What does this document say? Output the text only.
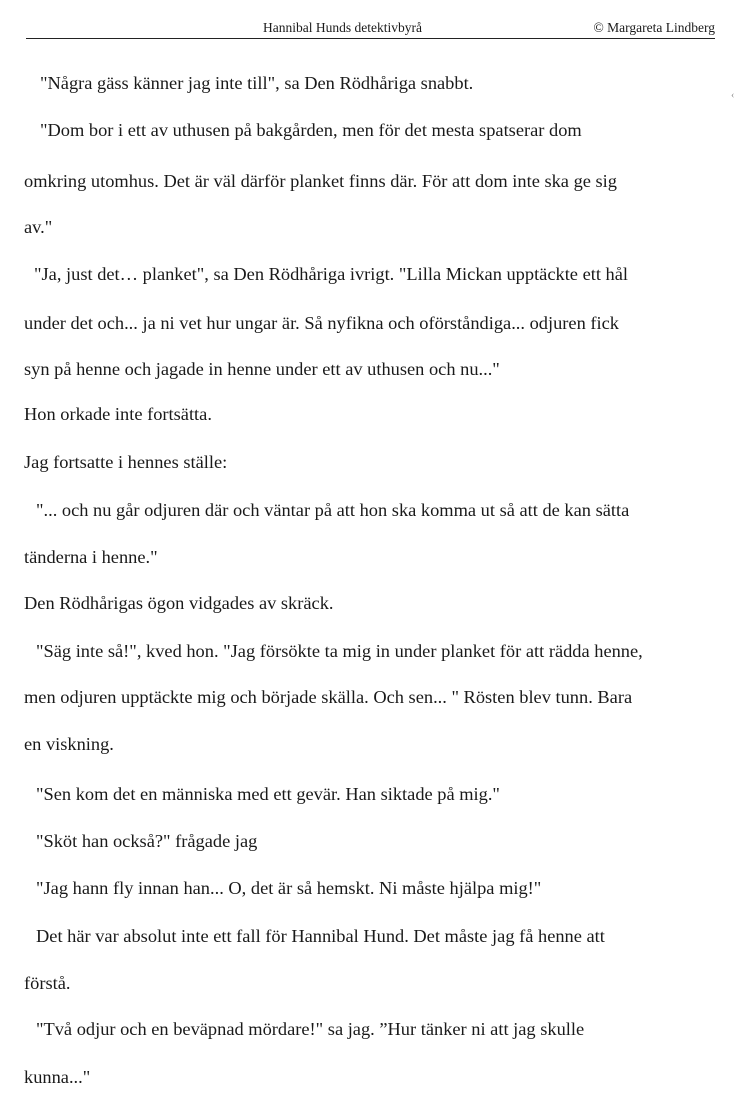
Hannibal Hunds detektivbyrå	© Margareta Lindberg
‹
"Några gäss känner jag inte till", sa Den Rödhåriga snabbt.
"Dom bor i ett av uthusen på bakgården, men för det mesta spatserar dom
omkring utomhus. Det är väl därför planket finns där. För att dom inte ska ge sig
av."
"Ja, just det… planket", sa Den Rödhåriga ivrigt. "Lilla Mickan upptäckte ett hål
under det och... ja ni vet hur ungar är. Så nyfikna och oförståndiga... odjuren fick
syn på henne och jagade in henne under ett av uthusen och nu..."
Hon orkade inte fortsätta.
Jag fortsatte i hennes ställe:
"... och nu går odjuren där och väntar på att hon ska komma ut så att de kan sätta
tänderna i henne."
Den Rödhårigas ögon vidgades av skräck.
"Säg inte så!", kved hon. "Jag försökte ta mig in under planket för att rädda henne,
men odjuren upptäckte mig och började skälla. Och sen... " Rösten blev tunn. Bara
en viskning.
"Sen kom det en människa med ett gevär. Han siktade på mig."
"Sköt han också?" frågade jag
"Jag hann fly innan han... O, det är så hemskt. Ni måste hjälpa mig!"
Det här var absolut inte ett fall för Hannibal Hund. Det måste jag få henne att
förstå.
"Två odjur och en beväpnad mördare!" sa jag. ”Hur tänker ni att jag skulle
kunna..."
